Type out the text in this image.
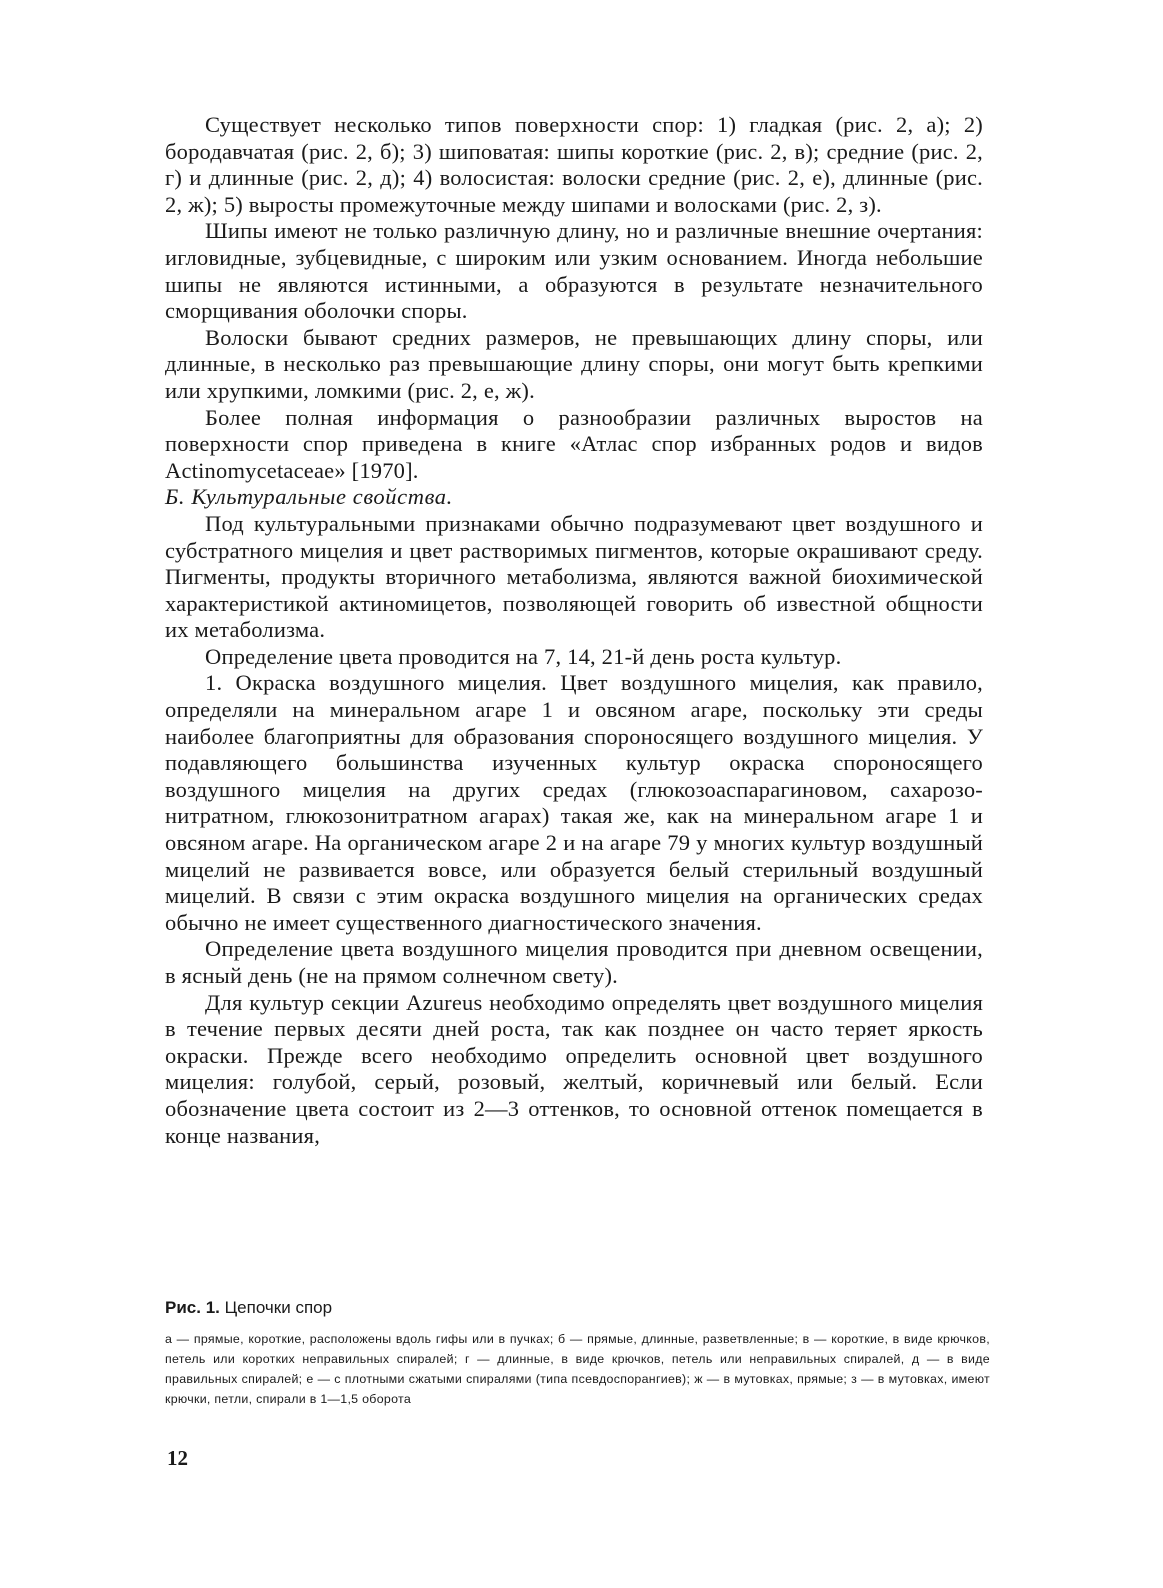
Существует несколько типов поверхности спор: 1) гладкая (рис. 2, а); 2) бородавчатая (рис. 2, б); 3) шиповатая: шипы короткие (рис. 2, в); средние (рис. 2, г) и длинные (рис. 2, д); 4) волосистая: волоски средние (рис. 2, е), длинные (рис. 2, ж); 5) выросты промежуточные между шипами и волосками (рис. 2, з).

Шипы имеют не только различную длину, но и различные внешние очертания: игловидные, зубцевидные, с широким или узким основанием. Иногда небольшие шипы не являются истинными, а образуются в результате незначительного сморщивания оболочки споры.

Волоски бывают средних размеров, не превышающих длину споры, или длинные, в несколько раз превышающие длину споры, они могут быть крепкими или хрупкими, ломкими (рис. 2, е, ж).

Более полная информация о разнообразии различных выростов на поверхности спор приведена в книге «Атлас спор избранных родов и видов Actinomycetaceae» [1970].

Б. Культуральные свойства.

Под культуральными признаками обычно подразумевают цвет воздушного и субстратного мицелия и цвет растворимых пигментов, которые окрашивают среду. Пигменты, продукты вторичного метаболизма, являются важной биохимической характеристикой актиномицетов, позволяющей говорить об известной общности их метаболизма.

Определение цвета проводится на 7, 14, 21-й день роста культур.

1. Окраска воздушного мицелия. Цвет воздушного мицелия, как правило, определяли на минеральном агаре 1 и овсяном агаре, поскольку эти среды наиболее благоприятны для образования спороносящего воздушного мицелия. У подавляющего большинства изученных культур окраска спороносящего воздушного мицелия на других средах (глюкозоаспарагиновом, сахарозо-нитратном, глюкозонитратном агарах) такая же, как на минеральном агаре 1 и овсяном агаре. На органическом агаре 2 и на агаре 79 у многих культур воздушный мицелий не развивается вовсе, или образуется белый стерильный воздушный мицелий. В связи с этим окраска воздушного мицелия на органических средах обычно не имеет существенного диагностического значения.

Определение цвета воздушного мицелия проводится при дневном освещении, в ясный день (не на прямом солнечном свету).

Для культур секции Azureus необходимо определять цвет воздушного мицелия в течение первых десяти дней роста, так как позднее он часто теряет яркость окраски. Прежде всего необходимо определить основной цвет воздушного мицелия: голубой, серый, розовый, желтый, коричневый или белый. Если обозначение цвета состоит из 2—3 оттенков, то основной оттенок помещается в конце названия,

Рис. 1. Цепочки спор

а — прямые, короткие, расположены вдоль гифы или в пучках; б — прямые, длинные, разветвленные; в — короткие, в виде крючков, петель или коротких неправильных спиралей; г — длинные, в виде крючков, петель или неправильных спиралей, д — в виде правильных спиралей; е — с плотными сжатыми спиралями (типа псевдоспорангиев); ж — в мутовках, прямые; з — в мутовках, имеют крючки, петли, спирали в 1—1,5 оборота

12
